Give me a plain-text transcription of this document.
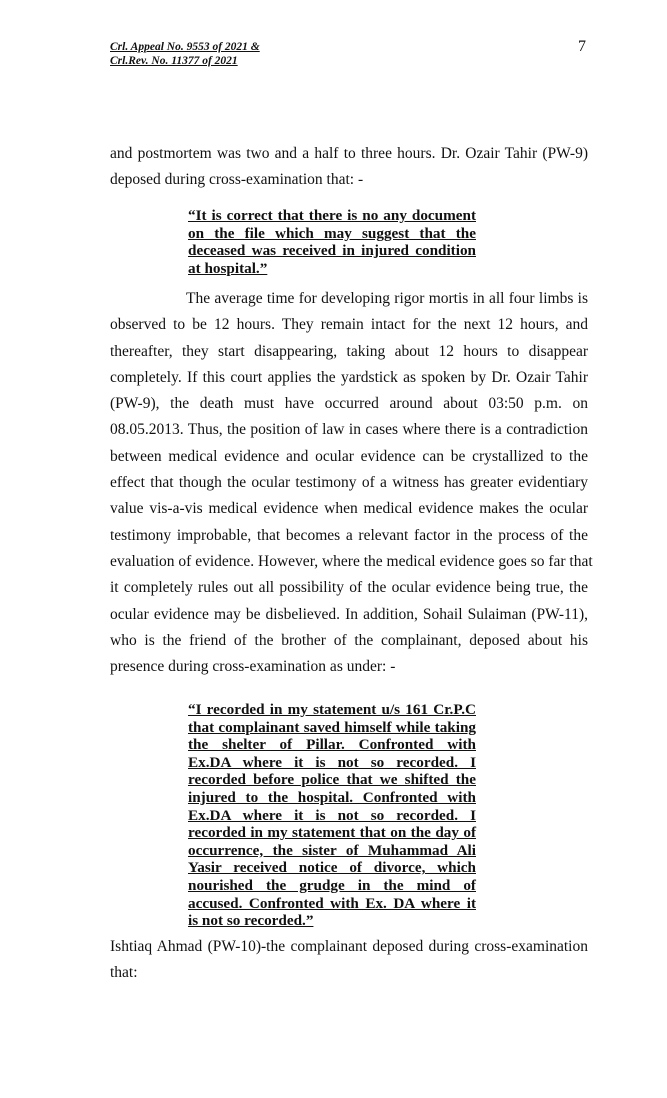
Crl. Appeal No. 9553 of 2021 &
Crl.Rev. No. 11377 of 2021
7
and postmortem was two and a half to three hours. Dr. Ozair Tahir (PW-9)
deposed during cross-examination that: -
“It is correct that there is no any document
on the file which may suggest that the
deceased was received in injured condition
at hospital.”
The average time for developing rigor mortis in all four limbs is
observed to be 12 hours. They remain intact for the next 12 hours, and
thereafter, they start disappearing, taking about 12 hours to disappear
completely. If this court applies the yardstick as spoken by Dr. Ozair Tahir
(PW-9), the death must have occurred around about 03:50 p.m. on
08.05.2013. Thus, the position of law in cases where there is a contradiction
between medical evidence and ocular evidence can be crystallized to the
effect that though the ocular testimony of a witness has greater evidentiary
value vis-a-vis medical evidence when medical evidence makes the ocular
testimony improbable, that becomes a relevant factor in the process of the
evaluation of evidence. However, where the medical evidence goes so far that
it completely rules out all possibility of the ocular evidence being true, the
ocular evidence may be disbelieved. In addition, Sohail Sulaiman (PW-11),
who is the friend of the brother of the complainant, deposed about his
presence during cross-examination as under: -
“I recorded in my statement u/s 161 Cr.P.C
that complainant saved himself while taking
the shelter of Pillar. Confronted with
Ex.DA where it is not so recorded. I
recorded before police that we shifted the
injured to the hospital. Confronted with
Ex.DA where it is not so recorded. I
recorded in my statement that on the day of
occurrence, the sister of Muhammad Ali
Yasir received notice of divorce, which
nourished the grudge in the mind of
accused. Confronted with Ex. DA where it
is not so recorded.”
Ishtiaq Ahmad (PW-10)-the complainant deposed during cross-examination
that:
